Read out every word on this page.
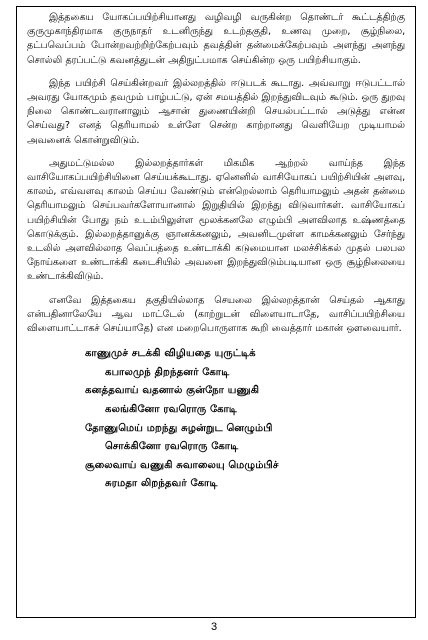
இத்தகைய யோகப்பயிற்சியானது வழிவழி வருகின்ற தொண்டர் கூட்டத்திற்கு குருமுகாந்திரமாக குருநாதர் உடனிருந்து உடற்தகுதி, உணவு முறை, சூழ்நிலை, தட்பவெப்பம் போன்றவற்றிற்கேற்பவும் தவத்தின் தன்மைக்கேற்பவும் அளந்து அளந்து சொல்லி தரப்பட்டு கவனத்துடன் அதிநுட்பமாக செய்கின்ற ஒரு பயிற்சியாகும்.

இந்த பயிற்சி செய்கின்றவர் இல்லறத்தில் ஈடுபடக் கூடாது. அவ்வாறு ஈடுபட்டால் அவரது யோகமும் தவமும் பாழ்பட்டு, ஏன் சமயத்தில் இறந்துவிடவும் கூடும். ஒரு துறவு நிலை கொண்டவரானாலும் ஆசான் துணையின்றி செயல்பட்டால் அடுத்து என்ன செய்வது? எனத் தெரியாமல் உள்ளே சென்ற காற்றானது வெளியேற முடியாமல் அவனைக் கொன்றுவிடும்.

அதுமட்டுமல்ல இல்லறத்தார்கள் மிகமிக ஆற்றல் வாய்ந்த இந்த வாசியோகப்பயிற்சியினை செய்யக்கூடாது. ஏனெனில் வாசியோகப் பயிற்சியின் அளவு, காலம், எவ்வளவு காலம் செய்ய வேண்டும் என்றெல்லாம் தெரியாமலும் அதன் தன்மை தெரியாமலும் செய்பவர்களோயானால் இறுதியில் இறந்து விடுவார்கள். வாசியோகப் பயிற்சியின் போது நம் உடம்பிலுள்ள மூலக்கனலே எழும்பி அளவிலாத உஷ்ணத்தை கொடுக்கும். இல்லறத்தானுக்கு ஞானக்கனலும், அவனிடமுள்ள காமக்கனலும் சேர்ந்து உடலில் அளவில்லாத வெப்பத்தை உண்டாக்கி கடுமையான மலச்சிக்கல் முதல் பலபல நோய்களை உண்டாக்கி கடைசியில் அவனை இறந்துவிடும்படியான ஒரு சூழ்நிலையை உண்டாக்கிவிடும்.

எனவே இத்தகைய தகுதியில்லாத செயலை இல்லறத்தான் செய்தல் ஆகாது என்பதினாலேயே ஆவ மாட்டேல் (காற்றுடன் விளையாடாதே, வாசிப்பயிற்சியை விளையாட்டாகச் செய்யாதே) என மறைபொருளாக கூறி வைத்தார் மகான் ஔவையார்.

காணுமுச் சடக்கி விழியதை யுருட்டிக்
கபாலமுந் திறந்தனர் கோடி
கனத்தவாய் வதனால் குன்நோ யணுகி
கலங்கினோ ரவரொரு கோடி
தோணுமெய் மறந்து சுழன்றுட னெழும்பி
சொக்கினோ ரவரொரு கோடி
சூலைவாய் வணுகி சுவாலையு மெழும்பிச்
சுரமதா லிறந்தவர் கோடி
3
